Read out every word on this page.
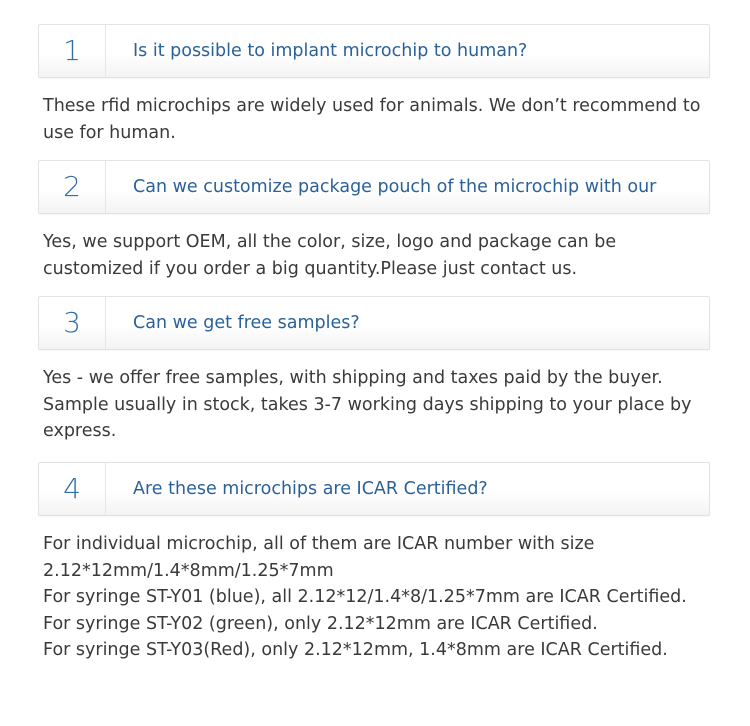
1	Is it possible to implant microchip to human?
These rfid microchips are widely used for animals. We don’t recommend to
use for human.
2	Can we customize package pouch of the microchip with our
Yes, we support OEM, all the color, size, logo and package can be
customized if you order a big quantity.Please just contact us.
3	Can we get free samples?
Yes - we offer free samples, with shipping and taxes paid by the buyer.
Sample usually in stock, takes 3-7 working days shipping to your place by
express.
4	Are these microchips are ICAR Certified?
For individual microchip, all of them are ICAR number with size
2.12*12mm/1.4*8mm/1.25*7mm
For syringe ST-Y01 (blue), all 2.12*12/1.4*8/1.25*7mm are ICAR Certified.
For syringe ST-Y02 (green), only 2.12*12mm are ICAR Certified.
For syringe ST-Y03(Red), only 2.12*12mm, 1.4*8mm are ICAR Certified.
